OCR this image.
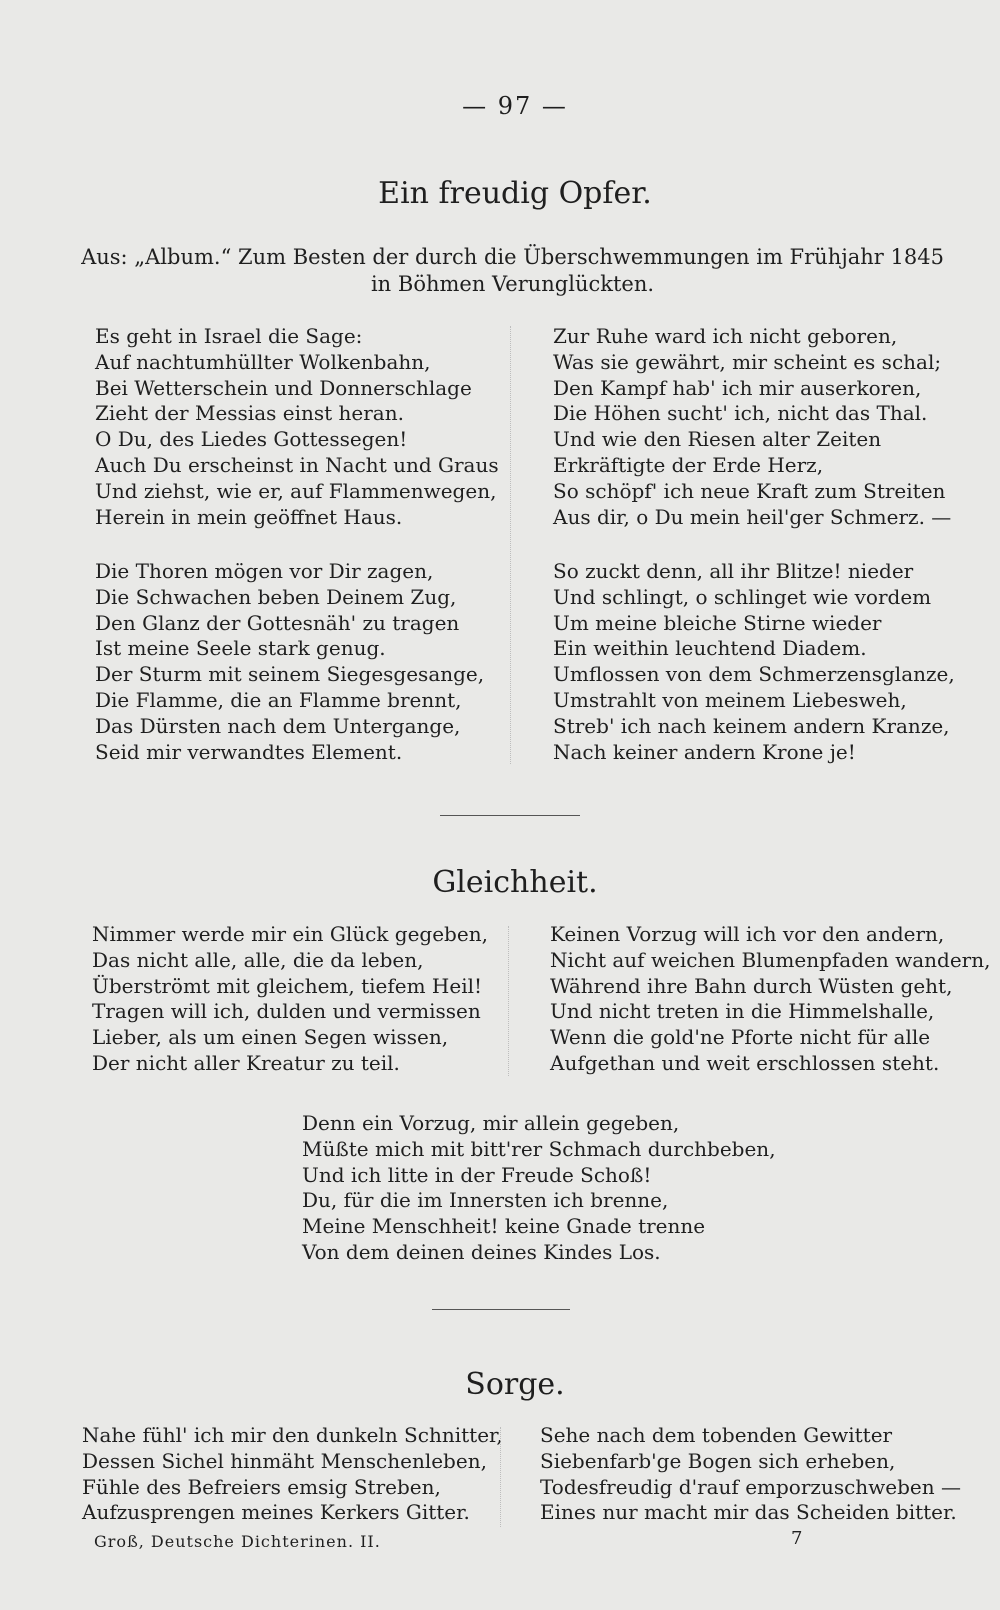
— 97 —
Ein freudig Opfer.
Aus: „Album.“ Zum Besten der durch die Überschwemmungen im Frühjahr 1845 in Böhmen Verunglückten.
Es geht in Israel die Sage:
Auf nachtumhüllter Wolkenbahn,
Bei Wetterschein und Donnerschlage
Zieht der Messias einst heran.
O Du, des Liedes Gottessegen!
Auch Du erscheinst in Nacht und Graus
Und ziehst, wie er, auf Flammenwegen,
Herein in mein geöffnet Haus.
Zur Ruhe ward ich nicht geboren,
Was sie gewährt, mir scheint es schal;
Den Kampf hab' ich mir auserkoren,
Die Höhen sucht' ich, nicht das Thal.
Und wie den Riesen alter Zeiten
Erkräftigte der Erde Herz,
So schöpf' ich neue Kraft zum Streiten
Aus dir, o Du mein heil'ger Schmerz. —
Die Thoren mögen vor Dir zagen,
Die Schwachen beben Deinem Zug,
Den Glanz der Gottesnäh' zu tragen
Ist meine Seele stark genug.
Der Sturm mit seinem Siegesgesange,
Die Flamme, die an Flamme brennt,
Das Dürsten nach dem Untergange,
Seid mir verwandtes Element.
So zuckt denn, all ihr Blitze! nieder
Und schlingt, o schlinget wie vordem
Um meine bleiche Stirne wieder
Ein weithin leuchtend Diadem.
Umflossen von dem Schmerzensglanze,
Umstrahlt von meinem Liebesweh,
Streb' ich nach keinem andern Kranze,
Nach keiner andern Krone je!
Gleichheit.
Nimmer werde mir ein Glück gegeben,
Das nicht alle, alle, die da leben,
Überströmt mit gleichem, tiefem Heil!
Tragen will ich, dulden und vermissen
Lieber, als um einen Segen wissen,
Der nicht aller Kreatur zu teil.
Keinen Vorzug will ich vor den andern,
Nicht auf weichen Blumenpfaden wandern,
Während ihre Bahn durch Wüsten geht,
Und nicht treten in die Himmelshalle,
Wenn die gold'ne Pforte nicht für alle
Aufgethan und weit erschlossen steht.
Denn ein Vorzug, mir allein gegeben,
Müßte mich mit bitt'rer Schmach durchbeben,
Und ich litte in der Freude Schoß!
Du, für die im Innersten ich brenne,
Meine Menschheit! keine Gnade trenne
Von dem deinen deines Kindes Los.
Sorge.
Nahe fühl' ich mir den dunkeln Schnitter,
Dessen Sichel hinmäht Menschenleben,
Fühle des Befreiers emsig Streben,
Aufzusprengen meines Kerkers Gitter.
Sehe nach dem tobenden Gewitter
Siebenfarb'ge Bogen sich erheben,
Todesfreudig d'rauf emporzuschweben —
Eines nur macht mir das Scheiden bitter.
Groß, Deutsche Dichterinen. II.	7
